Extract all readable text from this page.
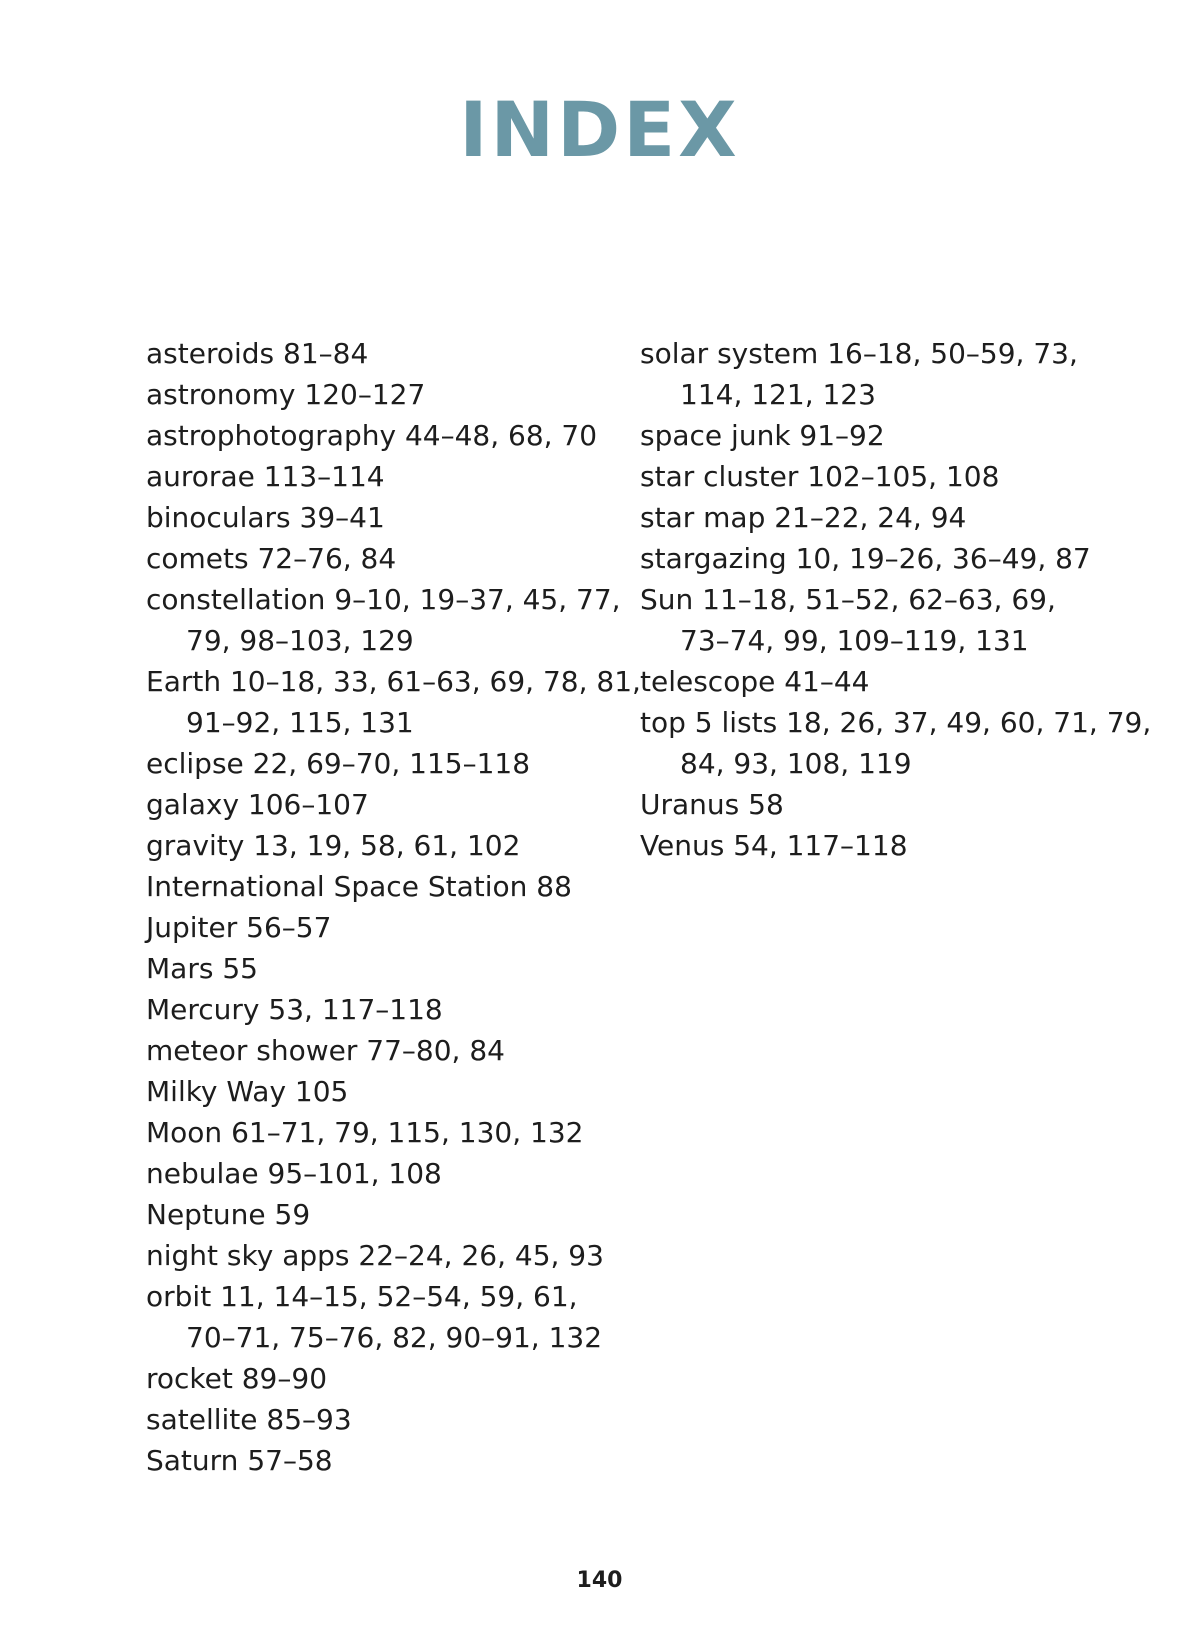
INDEX
asteroids 81–84
astronomy 120–127
astrophotography 44–48, 68, 70
aurorae 113–114
binoculars 39–41
comets 72–76, 84
constellation 9–10, 19–37, 45, 77,
79, 98–103, 129
Earth 10–18, 33, 61–63, 69, 78, 81,
91–92, 115, 131
eclipse 22, 69–70, 115–118
galaxy 106–107
gravity 13, 19, 58, 61, 102
International Space Station 88
Jupiter 56–57
Mars 55
Mercury 53, 117–118
meteor shower 77–80, 84
Milky Way 105
Moon 61–71, 79, 115, 130, 132
nebulae 95–101, 108
Neptune 59
night sky apps 22–24, 26, 45, 93
orbit 11, 14–15, 52–54, 59, 61,
70–71, 75–76, 82, 90–91, 132
rocket 89–90
satellite 85–93
Saturn 57–58
solar system 16–18, 50–59, 73,
114, 121, 123
space junk 91–92
star cluster 102–105, 108
star map 21–22, 24, 94
stargazing 10, 19–26, 36–49, 87
Sun 11–18, 51–52, 62–63, 69,
73–74, 99, 109–119, 131
telescope 41–44
top 5 lists 18, 26, 37, 49, 60, 71, 79,
84, 93, 108, 119
Uranus 58
Venus 54, 117–118
140
